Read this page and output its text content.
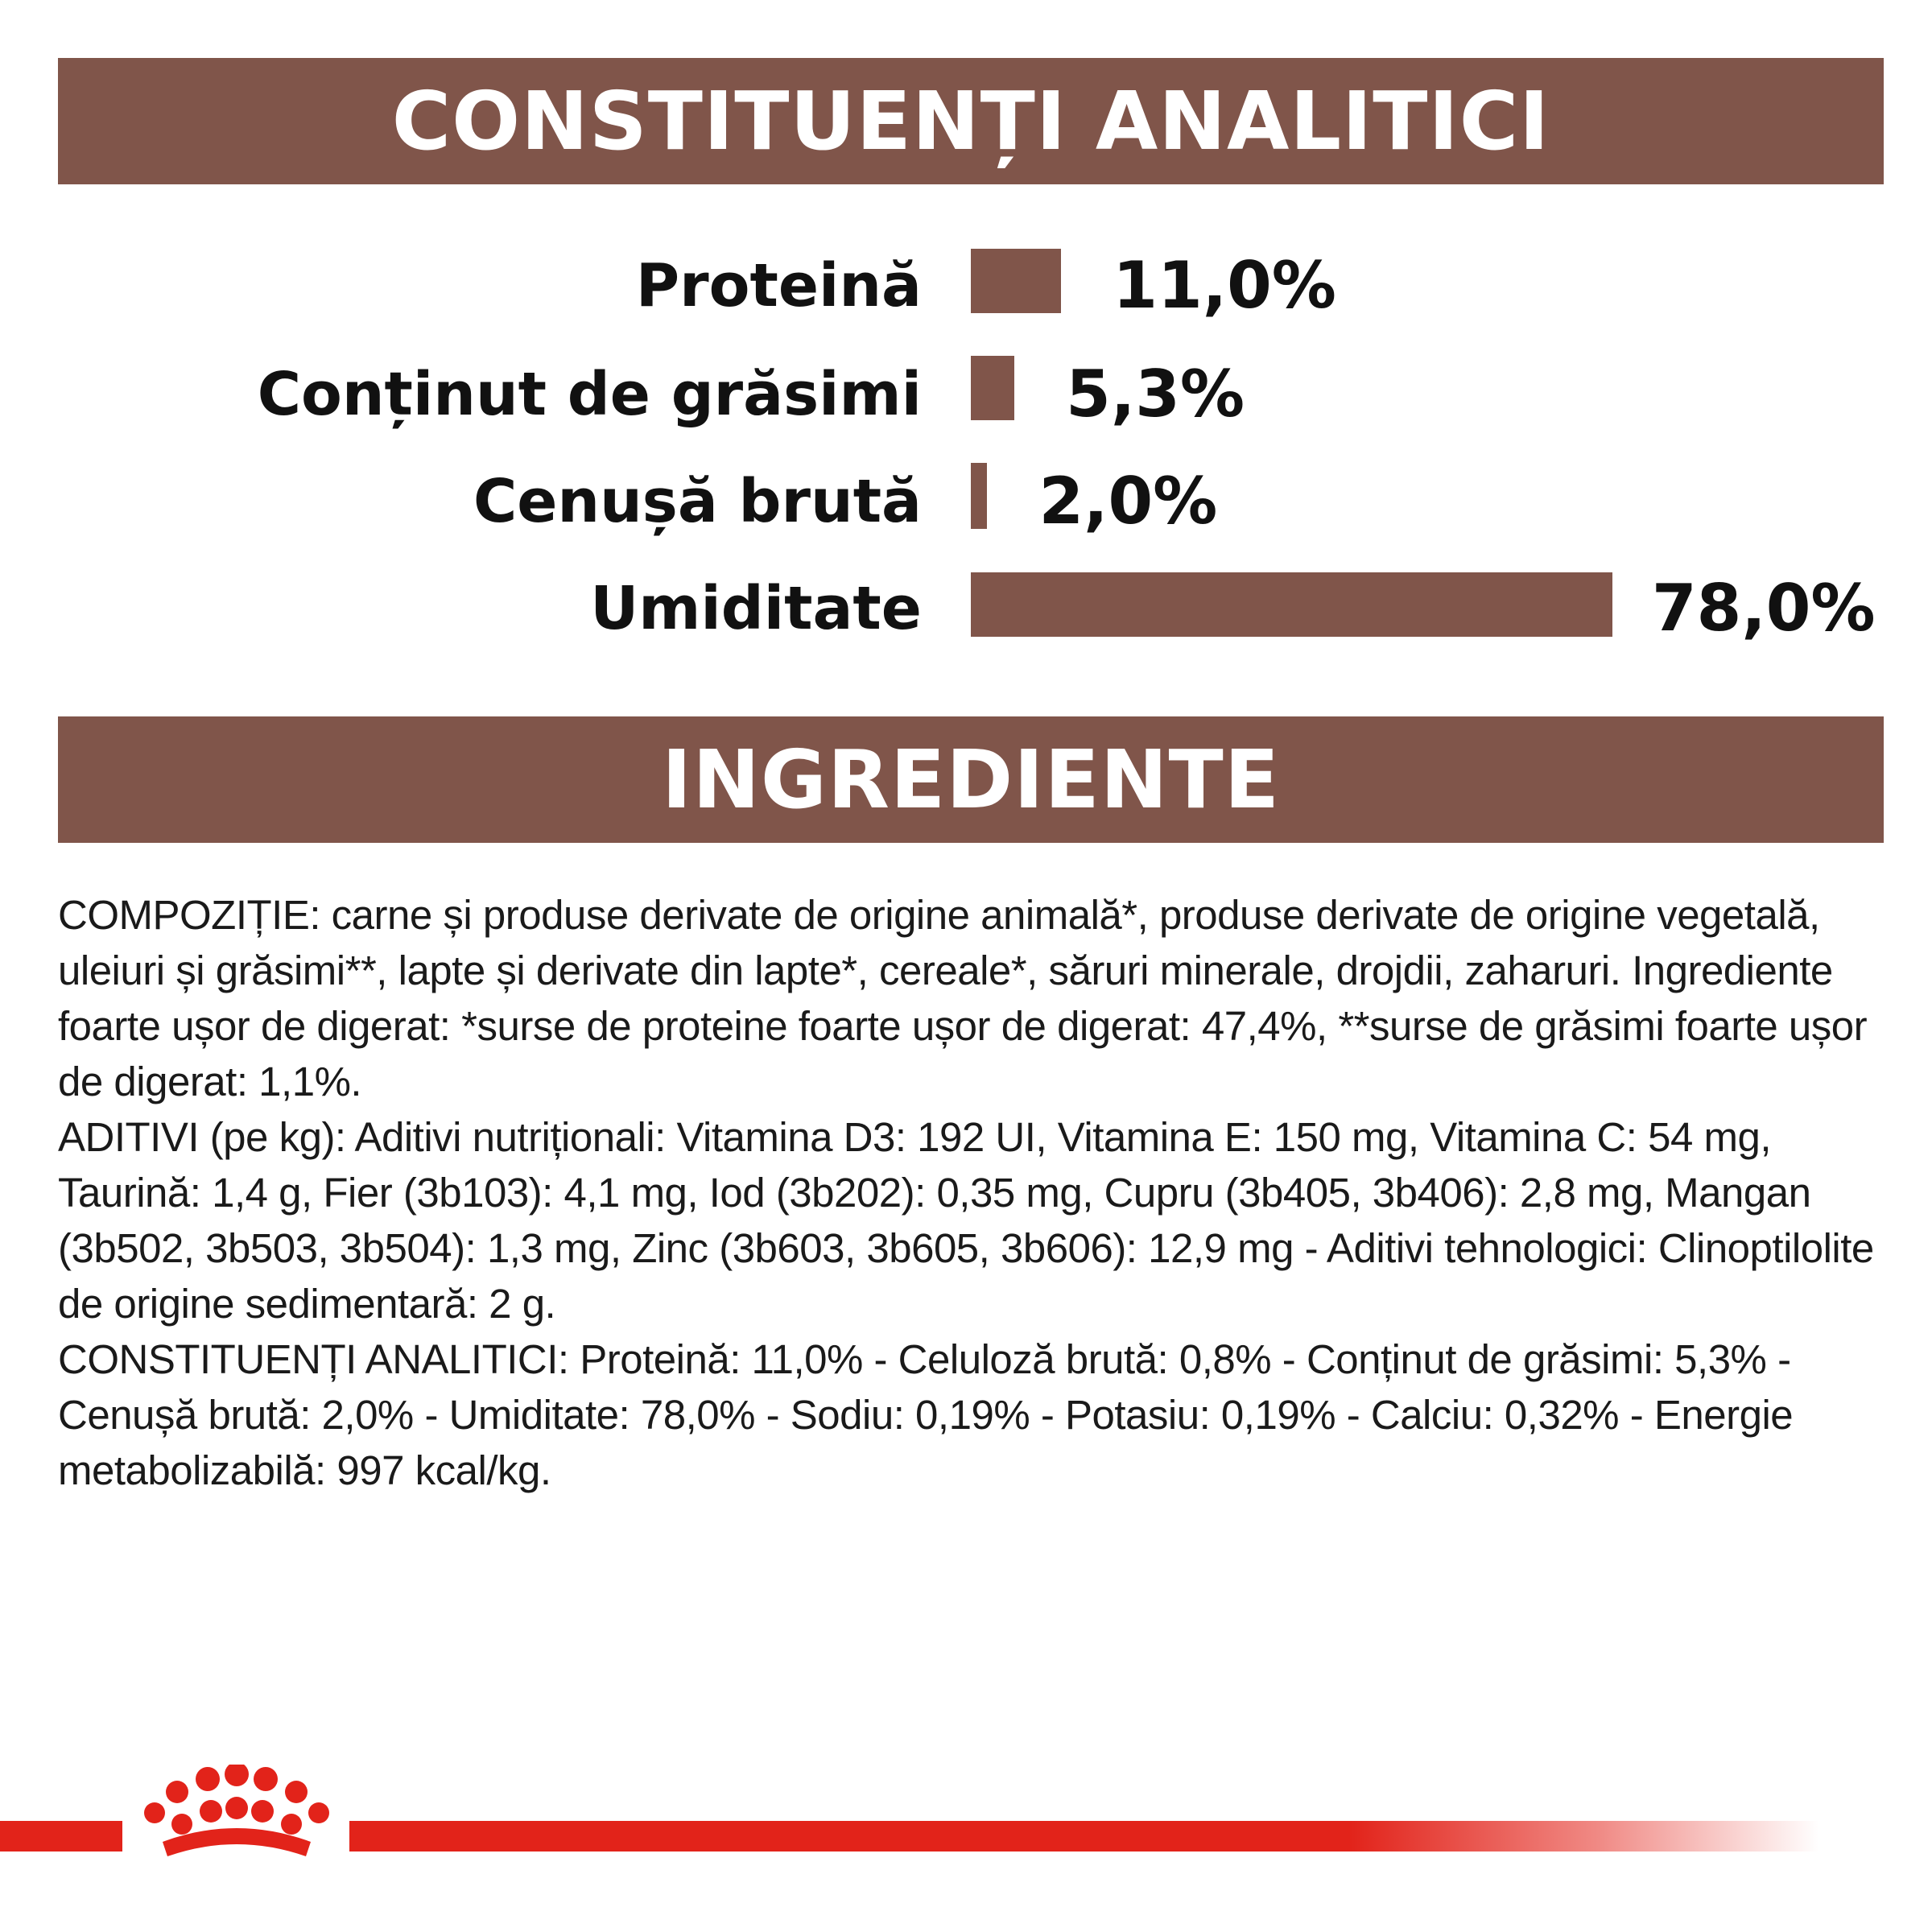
CONSTITUENȚI ANALITICI
Proteină	11,0%
Conținut de grăsimi 5,3%
Cenușă brută 2,0%
Umiditate	78,0%
INGREDIENTE

COMPOZIȚIE: carne și produse derivate de origine animală*, produse derivate de origine vegetală, uleiuri și grăsimi**, lapte și derivate din lapte*, cereale*, săruri minerale, drojdii, zaharuri. Ingrediente foarte ușor de digerat: *surse de proteine foarte ușor de digerat: 47,4%, **surse de grăsimi foarte ușor de digerat: 1,1%.

ADITIVI (pe kg): Aditivi nutriționali: Vitamina D3: 192 UI, Vitamina E: 150 mg, Vitamina C: 54 mg, Taurină: 1,4 g, Fier (3b103): 4,1 mg, Iod (3b202): 0,35 mg, Cupru (3b405, 3b406): 2,8 mg, Mangan (3b502, 3b503, 3b504): 1,3 mg, Zinc (3b603, 3b605, 3b606): 12,9 mg - Aditivi tehnologici: Clinoptilolite de origine sedimentară: 2 g.

CONSTITUENȚI ANALITICI: Proteină: 11,0% - Celuloză brută: 0,8% - Conținut de grăsimi: 5,3% - Cenușă brută: 2,0% - Umiditate: 78,0% - Sodiu: 0,19% - Potasiu: 0,19% - Calciu: 0,32% - Energie metabolizabilă: 997 kcal/kg.
